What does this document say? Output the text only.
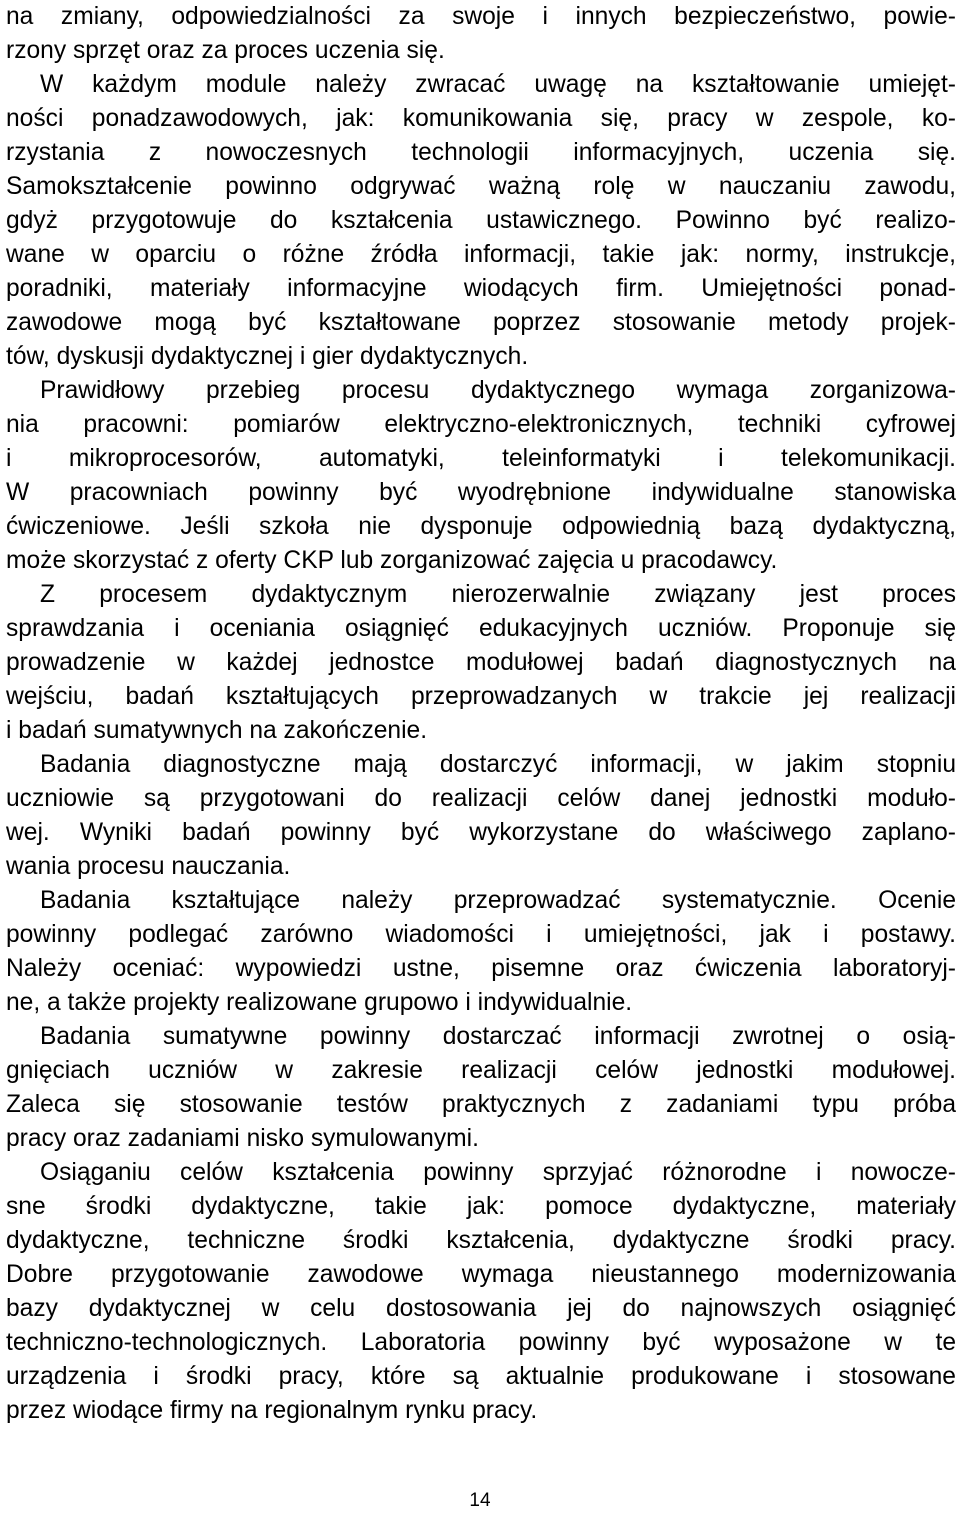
na zmiany, odpowiedzialności za swoje i innych bezpieczeństwo, powie-
rzony sprzęt oraz za proces uczenia się.
W każdym module należy zwracać uwagę na kształtowanie umiejęt-
ności ponadzawodowych, jak: komunikowania się, pracy w zespole, ko-
rzystania z nowoczesnych technologii informacyjnych, uczenia się.
Samokształcenie powinno odgrywać ważną rolę w nauczaniu zawodu,
gdyż przygotowuje do kształcenia ustawicznego. Powinno być realizo-
wane w oparciu o różne źródła informacji, takie jak: normy, instrukcje,
poradniki, materiały informacyjne wiodących firm. Umiejętności ponad-
zawodowe mogą być kształtowane poprzez stosowanie metody projek-
tów, dyskusji dydaktycznej i gier dydaktycznych.
Prawidłowy przebieg procesu dydaktycznego wymaga zorganizowa-
nia pracowni: pomiarów elektryczno-elektronicznych, techniki cyfrowej
i mikroprocesorów, automatyki, teleinformatyki i telekomunikacji.
W pracowniach powinny być wyodrębnione indywidualne stanowiska
ćwiczeniowe. Jeśli szkoła nie dysponuje odpowiednią bazą dydaktyczną,
może skorzystać z oferty CKP lub zorganizować zajęcia u pracodawcy.
Z procesem dydaktycznym nierozerwalnie związany jest proces
sprawdzania i oceniania osiągnięć edukacyjnych uczniów. Proponuje się
prowadzenie w każdej jednostce modułowej badań diagnostycznych na
wejściu, badań kształtujących przeprowadzanych w trakcie jej realizacji
i badań sumatywnych na zakończenie.
Badania diagnostyczne mają dostarczyć informacji, w jakim stopniu
uczniowie są przygotowani do realizacji celów danej jednostki moduło-
wej. Wyniki badań powinny być wykorzystane do właściwego zaplano-
wania procesu nauczania.
Badania kształtujące należy przeprowadzać systematycznie. Ocenie
powinny podlegać zarówno wiadomości i umiejętności, jak i postawy.
Należy oceniać: wypowiedzi ustne, pisemne oraz ćwiczenia laboratoryj-
ne, a także projekty realizowane grupowo i indywidualnie.
Badania sumatywne powinny dostarczać informacji zwrotnej o osią-
gnięciach uczniów w zakresie realizacji celów jednostki modułowej.
Zaleca się stosowanie testów praktycznych z zadaniami typu próba
pracy oraz zadaniami nisko symulowanymi.
Osiąganiu celów kształcenia powinny sprzyjać różnorodne i nowocze-
sne środki dydaktyczne, takie jak: pomoce dydaktyczne, materiały
dydaktyczne, techniczne środki kształcenia, dydaktyczne środki pracy.
Dobre przygotowanie zawodowe wymaga nieustannego modernizowania
bazy dydaktycznej w celu dostosowania jej do najnowszych osiągnięć
techniczno-technologicznych. Laboratoria powinny być wyposażone w te
urządzenia i środki pracy, które są aktualnie produkowane i stosowane
przez wiodące firmy na regionalnym rynku pracy.
14
